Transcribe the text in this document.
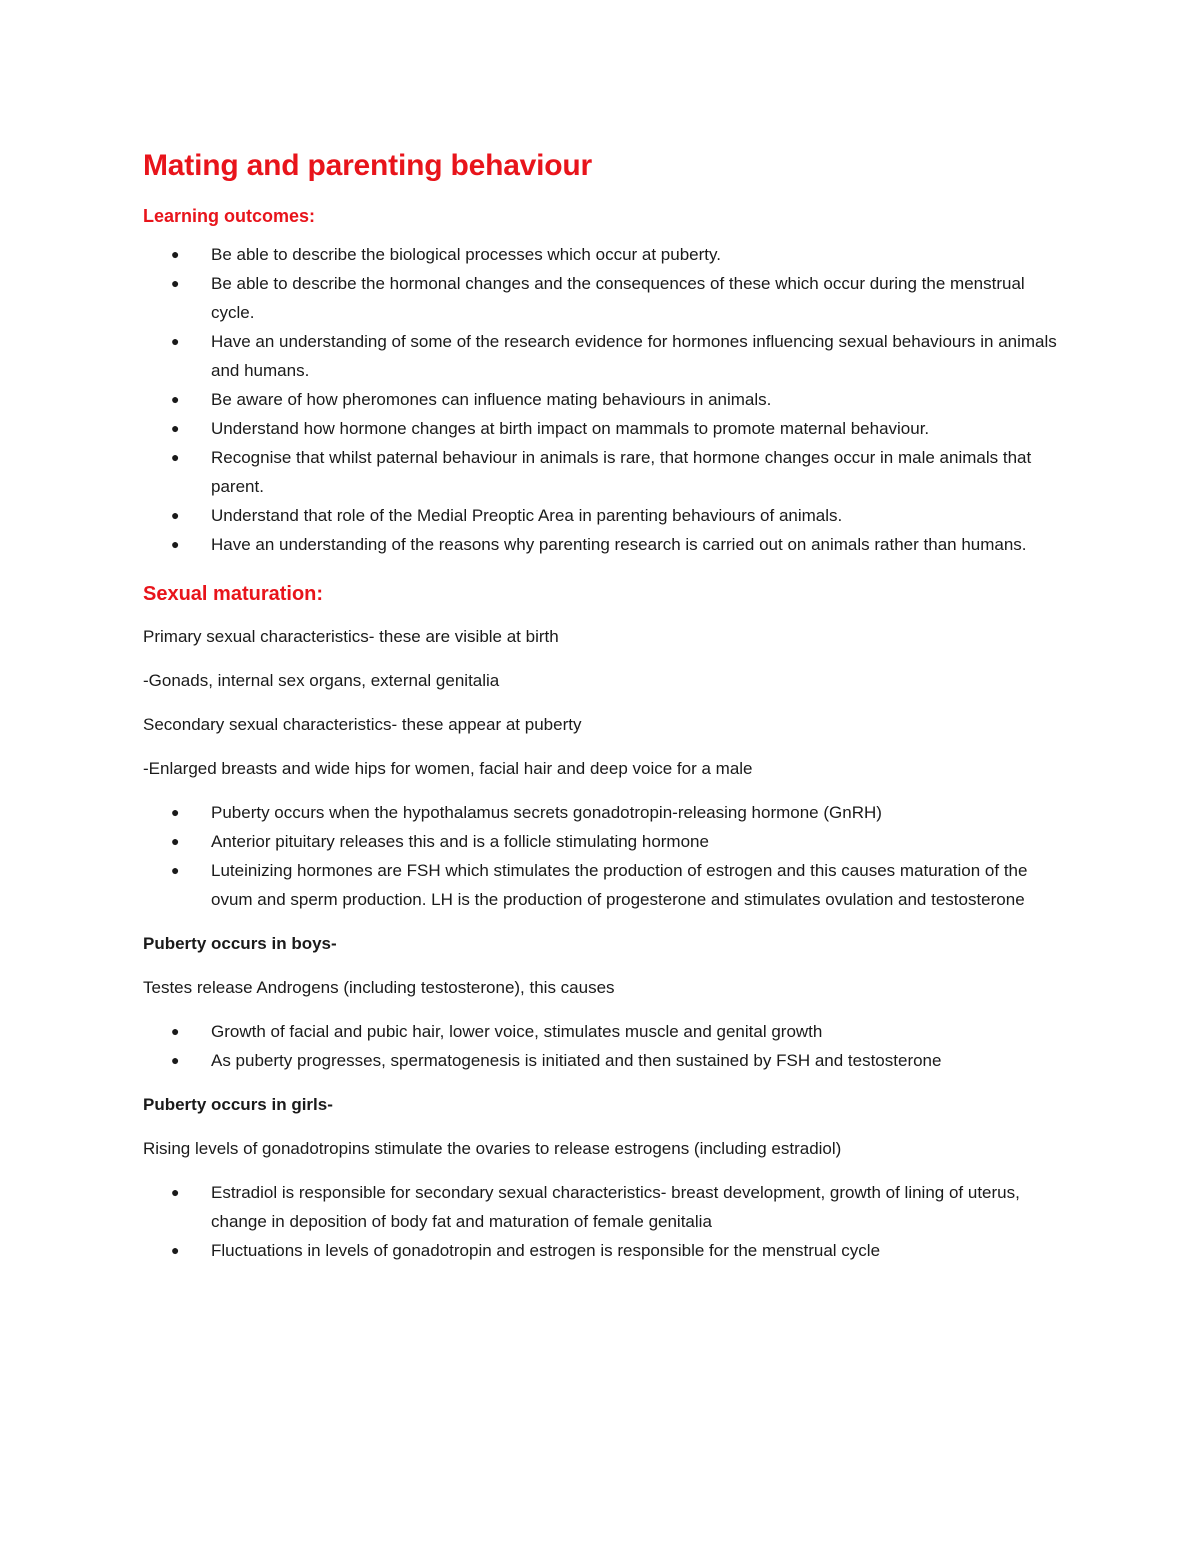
Mating and parenting behaviour
Learning outcomes:
● Be able to describe the biological processes which occur at puberty.
● Be able to describe the hormonal changes and the consequences of these which occur during the menstrual cycle.
● Have an understanding of some of the research evidence for hormones influencing sexual behaviours in animals and humans.
● Be aware of how pheromones can influence mating behaviours in animals.
● Understand how hormone changes at birth impact on mammals to promote maternal behaviour.
● Recognise that whilst paternal behaviour in animals is rare, that hormone changes occur in male animals that parent.
● Understand that role of the Medial Preoptic Area in parenting behaviours of animals.
● Have an understanding of the reasons why parenting research is carried out on animals rather than humans.
Sexual maturation:

Primary sexual characteristics- these are visible at birth

-Gonads, internal sex organs, external genitalia

Secondary sexual characteristics- these appear at puberty

-Enlarged breasts and wide hips for women, facial hair and deep voice for a male

● Puberty occurs when the hypothalamus secrets gonadotropin-releasing hormone (GnRH)
● Anterior pituitary releases this and is a follicle stimulating hormone
● Luteinizing hormones are FSH which stimulates the production of estrogen and this causes maturation of the ovum and sperm production. LH is the production of progesterone and stimulates ovulation and testosterone

Puberty occurs in boys-

Testes release Androgens (including testosterone), this causes

● Growth of facial and pubic hair, lower voice, stimulates muscle and genital growth
● As puberty progresses, spermatogenesis is initiated and then sustained by FSH and testosterone

Puberty occurs in girls-

Rising levels of gonadotropins stimulate the ovaries to release estrogens (including estradiol)

● Estradiol is responsible for secondary sexual characteristics- breast development, growth of lining of uterus, change in deposition of body fat and maturation of female genitalia
● Fluctuations in levels of gonadotropin and estrogen is responsible for the menstrual cycle
